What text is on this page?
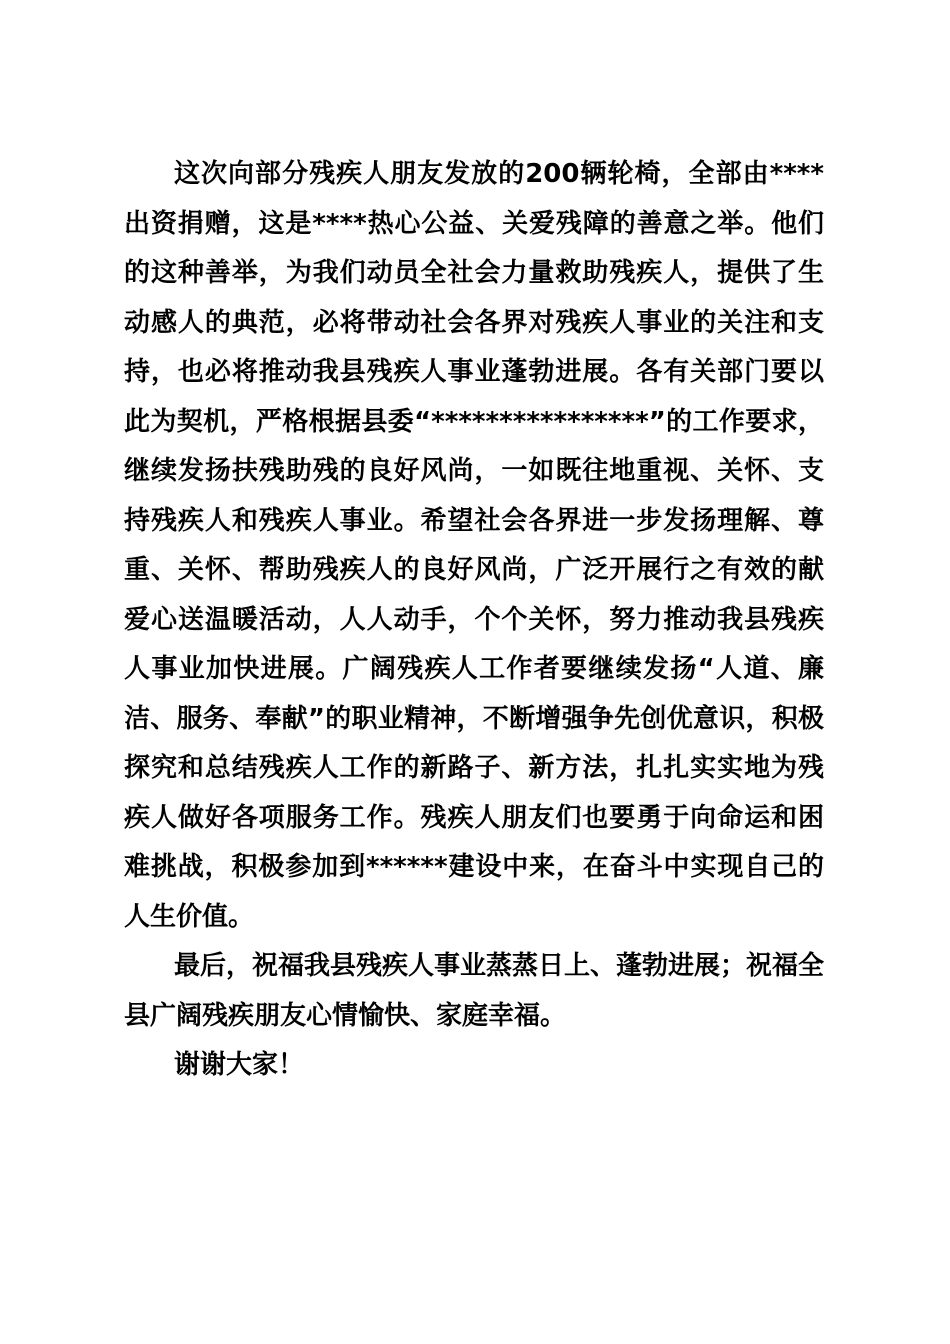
这次向部分残疾人朋友发放的200辆轮椅，全部由****出资捐赠，这是****热心公益、关爱残障的善意之举。他们的这种善举，为我们动员全社会力量救助残疾人，提供了生动感人的典范，必将带动社会各界对残疾人事业的关注和支持，也必将推动我县残疾人事业蓬勃进展。各有关部门要以此为契机，严格根据县委“****************”的工作要求，继续发扬扶残助残的良好风尚，一如既往地重视、关怀、支持残疾人和残疾人事业。希望社会各界进一步发扬理解、尊重、关怀、帮助残疾人的良好风尚，广泛开展行之有效的献爱心送温暖活动，人人动手，个个关怀，努力推动我县残疾人事业加快进展。广阔残疾人工作者要继续发扬“人道、廉洁、服务、奉献”的职业精神，不断增强争先创优意识，积极探究和总结残疾人工作的新路子、新方法，扎扎实实地为残疾人做好各项服务工作。残疾人朋友们也要勇于向命运和困难挑战，积极参加到******建设中来，在奋斗中实现自己的人生价值。

最后，祝福我县残疾人事业蒸蒸日上、蓬勃进展；祝福全县广阔残疾朋友心情愉快、家庭幸福。

谢谢大家！
